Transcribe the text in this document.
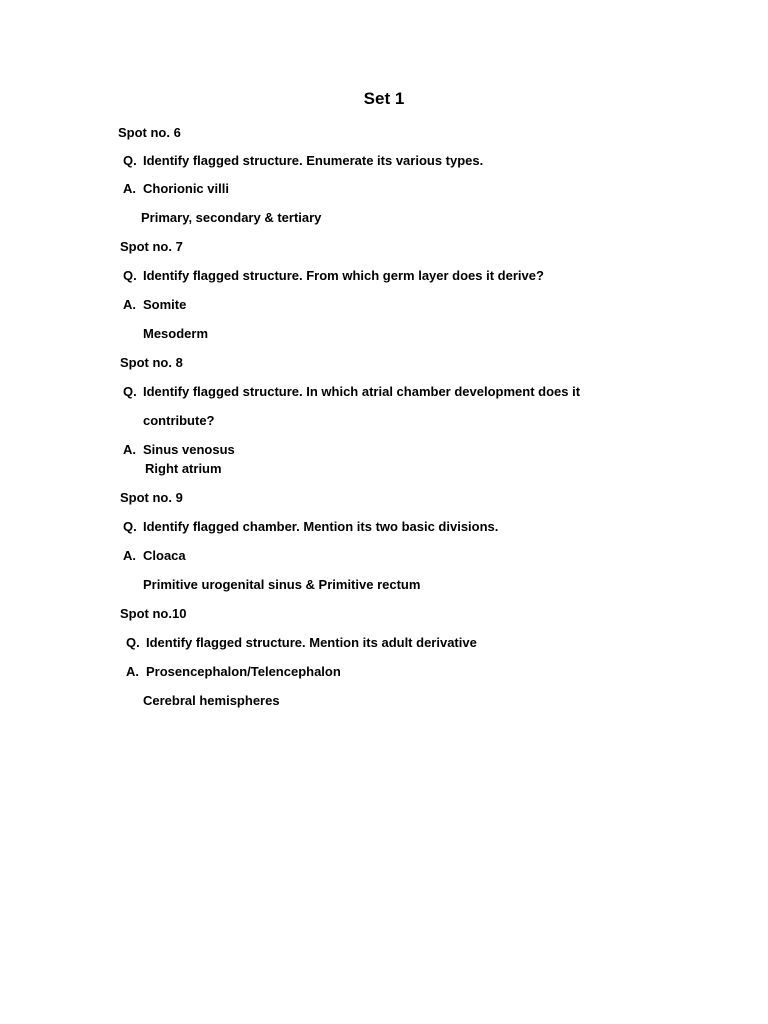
Set 1
Spot no. 6
Q. Identify flagged structure. Enumerate its various types.
A. Chorionic villi
Primary, secondary & tertiary
Spot no. 7
Q. Identify flagged structure. From which germ layer does it derive?
A. Somite
Mesoderm
Spot no. 8
Q. Identify flagged structure. In which atrial chamber development does it
contribute?
A. Sinus venosus
Right atrium
Spot no. 9
Q. Identify flagged chamber. Mention its two basic divisions.
A. Cloaca
Primitive urogenital sinus & Primitive rectum
Spot no.10
Q. Identify flagged structure. Mention its adult derivative
A. Prosencephalon/Telencephalon
Cerebral hemispheres
